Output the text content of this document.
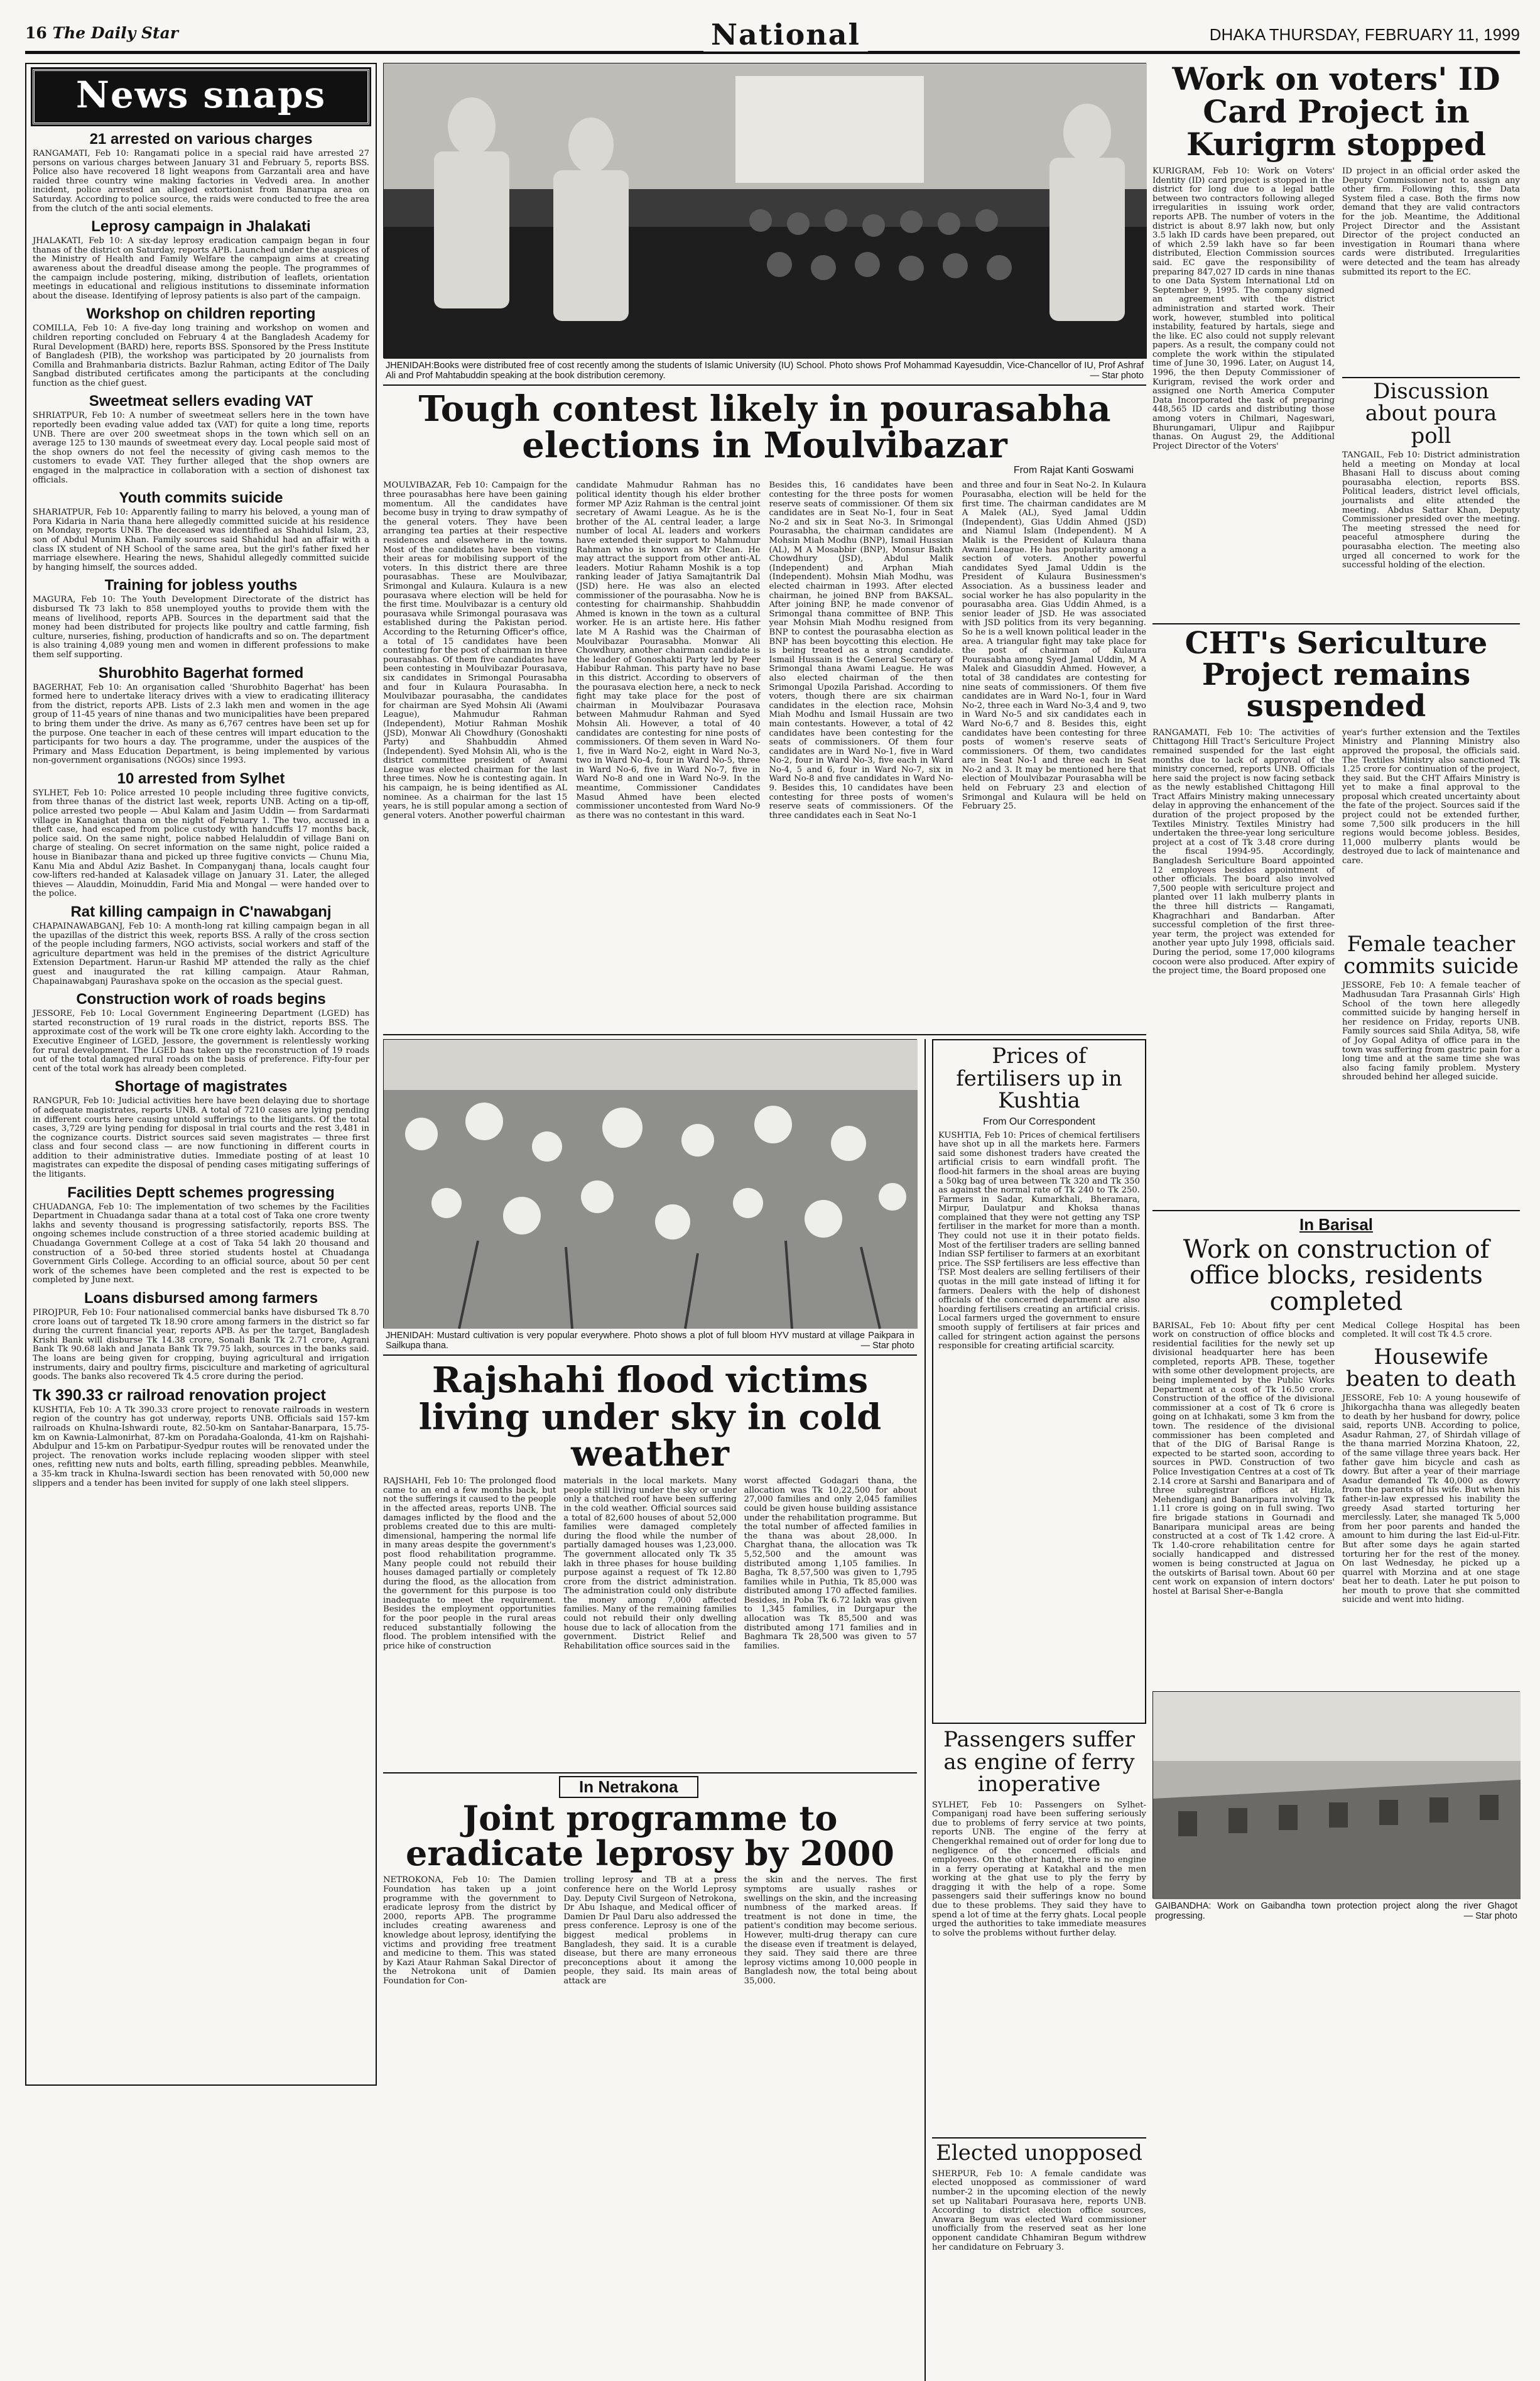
16 The Daily Star	National	DHAKA THURSDAY, FEBRUARY 11, 1999
News snaps
21 arrested on various charges
RANGAMATI, Feb 10: Rangamati police in a special raid have arrested 27 persons on various charges between January 31 and February 5, reports BSS. Police also have recovered 18 light weapons from Garzantali area and have raided three country wine making factories in Vedvedi area. In another incident, police arrested an alleged extortionist from Banarupa area on Saturday. According to police source, the raids were conducted to free the area from the clutch of the anti social elements.
Leprosy campaign in Jhalakati
JHALAKATI, Feb 10: A six-day leprosy eradication campaign began in four thanas of the district on Saturday, reports APB. Launched under the auspices of the Ministry of Health and Family Welfare the campaign aims at creating awareness about the dreadful disease among the people. The programmes of the campaign include postering, miking, distribution of leaflets, orientation meetings in educational and religious institutions to disseminate information about the disease. Identifying of leprosy patients is also part of the campaign.
Workshop on children reporting
COMILLA, Feb 10: A five-day long training and workshop on women and children reporting concluded on February 4 at the Bangladesh Academy for Rural Development (BARD) here, reports BSS. Sponsored by the Press Institute of Bangladesh (PIB), the workshop was participated by 20 journalists from Comilla and Brahmanbaria districts. Bazlur Rahman, acting Editor of The Daily Sangbad distributed certificates among the participants at the concluding function as the chief guest.
Sweetmeat sellers evading VAT
SHRIATPUR, Feb 10: A number of sweetmeat sellers here in the town have reportedly been evading value added tax (VAT) for quite a long time, reports UNB. There are over 200 sweetmeat shops in the town which sell on an average 125 to 130 maunds of sweetmeat every day. Local people said most of the shop owners do not feel the necessity of giving cash memos to the customers to evade VAT. They further alleged that the shop owners are engaged in the malpractice in collaboration with a section of dishonest tax officials.
Youth commits suicide
SHARIATPUR, Feb 10: Apparently failing to marry his beloved, a young man of Pora Kidaria in Naria thana here allegedly committed suicide at his residence on Monday, reports UNB. The deceased was identified as Shahidul Islam, 23, son of Abdul Munim Khan. Family sources said Shahidul had an affair with a class IX student of NH School of the same area, but the girl's father fixed her marriage elsewhere. Hearing the news, Shahidul allegedly committed suicide by hanging himself, the sources added.
Training for jobless youths
MAGURA, Feb 10: The Youth Development Directorate of the district has disbursed Tk 73 lakh to 858 unemployed youths to provide them with the means of livelihood, reports APB. Sources in the department said that the money had been distributed for projects like poultry and cattle farming, fish culture, nurseries, fishing, production of handicrafts and so on. The department is also training 4,089 young men and women in different professions to make them self supporting.
Shurobhito Bagerhat formed
BAGERHAT, Feb 10: An organisation called 'Shurobhito Bagerhat' has been formed here to undertake literacy drives with a view to eradicating illiteracy from the district, reports APB. Lists of 2.3 lakh men and women in the age group of 11-45 years of nine thanas and two municipalities have been prepared to bring them under the drive. As many as 6,767 centres have been set up for the purpose. One teacher in each of these centres will impart education to the participants for two hours a day. The programme, under the auspices of the Primary and Mass Education Department, is being implemented by various non-government organisations (NGOs) since 1993.
10 arrested from Sylhet
SYLHET, Feb 10: Police arrested 10 people including three fugitive convicts, from three thanas of the district last week, reports UNB. Acting on a tip-off, police arrested two people — Abul Kalam and Jasim Uddin — from Sardarmati village in Kanaighat thana on the night of February 1. The two, accused in a theft case, had escaped from police custody with handcuffs 17 months back, police said. On the same night, police nabbed Helaluddin of village Bani on charge of stealing. On secret information on the same night, police raided a house in Bianibazar thana and picked up three fugitive convicts — Chunu Mia, Kanu Mia and Abdul Aziz Bashet. In Companyganj thana, locals caught four cow-lifters red-handed at Kalasadek village on January 31. Later, the alleged thieves — Alauddin, Moinuddin, Farid Mia and Mongal — were handed over to the police.
Rat killing campaign in C'nawabganj
CHAPAINAWABGANJ, Feb 10: A month-long rat killing campaign began in all the upazillas of the district this week, reports BSS. A rally of the cross section of the people including farmers, NGO activists, social workers and staff of the agriculture department was held in the premises of the district Agriculture Extension Department. Harun-ur Rashid MP attended the rally as the chief guest and inaugurated the rat killing campaign. Ataur Rahman, Chapainawabganj Paurashava spoke on the occasion as the special guest.
Construction work of roads begins
JESSORE, Feb 10: Local Government Engineering Department (LGED) has started reconstruction of 19 rural roads in the district, reports BSS. The approximate cost of the work will be Tk one crore eighty lakh. According to the Executive Engineer of LGED, Jessore, the government is relentlessly working for rural development. The LGED has taken up the reconstruction of 19 roads out of the total damaged rural roads on the basis of preference. Fifty-four per cent of the total work has already been completed.
Shortage of magistrates
RANGPUR, Feb 10: Judicial activities here have been delaying due to shortage of adequate magistrates, reports UNB. A total of 7210 cases are lying pending in different courts here causing untold sufferings to the litigants. Of the total cases, 3,729 are lying pending for disposal in trial courts and the rest 3,481 in the cognizance courts. District sources said seven magistrates — three first class and four second class — are now functioning in different courts in addition to their administrative duties. Immediate posting of at least 10 magistrates can expedite the disposal of pending cases mitigating sufferings of the litigants.
Facilities Deptt schemes progressing
CHUADANGA, Feb 10: The implementation of two schemes by the Facilities Department in Chuadanga sadar thana at a total cost of Taka one crore twenty lakhs and seventy thousand is progressing satisfactorily, reports BSS. The ongoing schemes include construction of a three storied academic building at Chuadanga Government College at a cost of Taka 54 lakh 20 thousand and construction of a 50-bed three storied students hostel at Chuadanga Government Girls College. According to an official source, about 50 per cent work of the schemes have been completed and the rest is expected to be completed by June next.
Loans disbursed among farmers
PIROJPUR, Feb 10: Four nationalised commercial banks have disbursed Tk 8.70 crore loans out of targeted Tk 18.90 crore among farmers in the district so far during the current financial year, reports APB. As per the target, Bangladesh Krishi Bank will disburse Tk 14.38 crore, Sonali Bank Tk 2.71 crore, Agrani Bank Tk 90.68 lakh and Janata Bank Tk 79.75 lakh, sources in the banks said. The loans are being given for cropping, buying agricultural and irrigation instruments, dairy and poultry firms, pisciculture and marketing of agricultural goods. The banks also recovered Tk 4.5 crore during the period.
Tk 390.33 cr railroad renovation project
KUSHTIA, Feb 10: A Tk 390.33 crore project to renovate railroads in western region of the country has got underway, reports UNB. Officials said 157-km railroads on Khulna-Ishwardi route, 82.50-km on Santahar-Banarpara, 15.75-km on Kawnia-Lalmonirhat, 87-km on Poradaha-Goalonda, 41-km on Rajshahi-Abdulpur and 15-km on Parbatipur-Syedpur routes will be renovated under the project. The renovation works include replacing wooden slipper with steel ones, refitting new nuts and bolts, earth filling, spreading pebbles. Meanwhile, a 35-km track in Khulna-Iswardi section has been renovated with 50,000 new slippers and a tender has been invited for supply of one lakh steel slippers.
JHENIDAH:Books were distributed free of cost recently among the students of Islamic University (IU) School. Photo shows Prof Mohammad Kayesuddin, Vice-Chancellor of IU, Prof Ashraf Ali and Prof Mahtabuddin speaking at the book distribution ceremony.	— Star photo
Tough contest likely in pourasabha
elections in Moulvibazar
From Rajat Kanti Goswami
MOULVIBAZAR, Feb 10: Campaign for the three pourasabhas here have been gaining momentum. All the candidates have become busy in trying to draw sympathy of the general voters. They have been arranging tea parties at their respective residences and elsewhere in the towns. Most of the candidates have been visiting their areas for mobilising support of the voters. In this district there are three pourasabhas. These are Moulvibazar, Srimongal and Kulaura. Kulaura is a new pourasava where election will be held for the first time. Moulvibazar is a century old pourasava while Srimongal pourasava was established during the Pakistan period. According to the Returning Officer's office, a total of 15 candidates have been contesting for the post of chairman in three pourasabhas. Of them five candidates have been contesting in Moulvibazar Pourasava, six candidates in Srimongal Pourasabha and four in Kulaura Pourasabha. In Moulvibazar pourasabha, the candidates for chairman are Syed Mohsin Ali (Awami League), Mahmudur Rahman (Independent), Motiur Rahman Moshik (JSD), Monwar Ali Chowdhury (Gonoshakti Party) and Shahbuddin Ahmed (Independent). Syed Mohsin Ali, who is the district committee president of Awami League was elected chairman for the last three times. Now he is contesting again. In his campaign, he is being identified as AL nominee. As a chairman for the last 15 years, he is still popular among a section of general voters. Another powerful chairman
candidate Mahmudur Rahman has no political identity though his elder brother former MP Aziz Rahman is the central joint secretary of Awami League. As he is the brother of the AL central leader, a large number of local AL leaders and workers have extended their support to Mahmudur Rahman who is known as Mr Clean. He may attract the support from other anti-AL leaders. Motiur Rahamn Moshik is a top ranking leader of Jatiya Samajtantrik Dal (JSD) here. He was also an elected commissioner of the pourasabha. Now he is contesting for chairmanship. Shahbuddin Ahmed is known in the town as a cultural worker. He is an artiste here. His father late M A Rashid was the Chairman of Moulvibazar Pourasabha. Monwar Ali Chowdhury, another chairman candidate is the leader of Gonoshakti Party led by Peer Habibur Rahman. This party have no base in this district. According to observers of the pourasava election here, a neck to neck fight may take place for the post of chairman in Moulvibazar Pourasava between Mahmudur Rahman and Syed Mohsin Ali. However, a total of 40 candidates are contesting for nine posts of commissioners. Of them seven in Ward No-1, five in Ward No-2, eight in Ward No-3, two in Ward No-4, four in Ward No-5, three in Ward No-6, five in Ward No-7, five in Ward No-8 and one in Ward No-9. In the meantime, Commissioner Candidates Masud Ahmed have been elected commissioner uncontested from Ward No-9 as there was no contestant in this ward.
Besides this, 16 candidates have been contesting for the three posts for women reserve seats of commissioner. Of them six candidates are in Seat No-1, four in Seat No-2 and six in Seat No-3. In Srimongal Pourasabha, the chairman candidates are Mohsin Miah Modhu (BNP), Ismail Hussian (AL), M A Mosabbir (BNP), Monsur Bakth Chowdhury (JSD), Abdul Malik (Independent) and Arphan Miah (Independent). Mohsin Miah Modhu, was elected chairman in 1993. After elected chairman, he joined BNP from BAKSAL. After joining BNP, he made convenor of Srimongal thana committee of BNP. This year Mohsin Miah Modhu resigned from BNP to contest the pourasabha election as BNP has been boycotting this election. He is being treated as a strong candidate. Ismail Hussain is the General Secretary of Srimongal thana Awami League. He was also elected chairman of the then Srimongal Upozila Parishad. According to voters, though there are six chairman candidates in the election race, Mohsin Miah Modhu and Ismail Hussain are two main contestants. However, a total of 42 candidates have been contesting for the seats of commissioners. Of them four candidates are in Ward No-1, five in Ward No-2, four in Ward No-3, five each in Ward No-4, 5 and 6, four in Ward No-7, six in Ward No-8 and five candidates in Ward No-9. Besides this, 10 candidates have been contesting for three posts of women's reserve seats of commissioners. Of the three candidates each in Seat No-1
and three and four in Seat No-2. In Kulaura Pourasabha, election will be held for the first time. The chairman candidates are M A Malek (AL), Syed Jamal Uddin (Independent), Gias Uddin Ahmed (JSD) and Niamul Islam (Independent). M A Malik is the President of Kulaura thana Awami League. He has popularity among a section of voters. Another powerful candidates Syed Jamal Uddin is the President of Kulaura Businessmen's Association. As a bussiness leader and social worker he has also popularity in the pourasabha area. Gias Uddin Ahmed, is a senior leader of JSD. He was associated with JSD politics from its very beganning. So he is a well known political leader in the area. A triangular fight may take place for the post of chairman of Kulaura Pourasabha among Syed Jamal Uddin, M A Malek and Giasuddin Ahmed. However, a total of 38 candidates are contesting for nine seats of commissioners. Of them five candidates are in Ward No-1, four in Ward No-2, three each in Ward No-3,4 and 9, two in Ward No-5 and six candidates each in Ward No-6,7 and 8. Besides this, eight candidates have been contesting for three posts of women's reserve seats of commissioners. Of them, two candidates are in Seat No-1 and three each in Seat No-2 and 3. It may be mentioned here that election of Moulvibazar Pourasabha will be held on February 23 and election of Srimongal and Kulaura will be held on February 25.
JHENIDAH: Mustard cultivation is very popular everywhere. Photo shows a plot of full bloom HYV mustard at village Paikpara in Sailkupa thana.	— Star photo
Rajshahi flood victims living under sky in cold weather
RAJSHAHI, Feb 10: The prolonged flood came to an end a few months back, but not the sufferings it caused to the people in the affected areas, reports UNB. The damages inflicted by the flood and the problems created due to this are multi-dimensional, hampering the normal life in many areas despite the government's post flood rehabilitation programme. Many people could not rebuild their houses damaged partially or completely during the flood, as the allocation from the government for this purpose is too inadequate to meet the requirement. Besides the employment opportunities for the poor people in the rural areas reduced substantially following the flood. The problem intensified with the price hike of construction
materials in the local markets. Many people still living under the sky or under only a thatched roof have been suffering in the cold weather. Official sources said a total of 82,600 houses of about 52,000 families were damaged completely during the flood while the number of partially damaged houses was 1,23,000. The government allocated only Tk 35 lakh in three phases for house building purpose against a request of Tk 12.80 crore from the district administration. The administration could only distribute the money among 7,000 affected families. Many of the remaining families could not rebuild their only dwelling house due to lack of allocation from the government. District Relief and Rehabilitation office sources said in the
worst affected Godagari thana, the allocation was Tk 10,22,500 for about 27,000 families and only 2,045 families could be given house building assistance under the rehabilitation programme. But the total number of affected families in the thana was about 28,000. In Charghat thana, the allocation was Tk 5,52,500 and the amount was distributed among 1,105 families. In Bagha, Tk 8,57,500 was given to 1,795 families while in Puthia, Tk 85,000 was distributed among 170 affected families. Besides, in Poba Tk 6.72 lakh was given to 1,345 families, in Durgapur the allocation was Tk 85,500 and was distributed among 171 families and in Baghmara Tk 28,500 was given to 57 families.
In Netrakona
Joint programme to eradicate leprosy by 2000
NETROKONA, Feb 10: The Damien Foundation has taken up a joint programme with the government to eradicate leprosy from the district by 2000, reports APB. The programme includes creating awareness and knowledge about leprosy, identifying the victims and providing free treatment and medicine to them. This was stated by Kazi Ataur Rahman Sakal Director of the Netrokona unit of Damien Foundation for Con-
trolling leprosy and TB at a press conference here on the World Leprosy Day. Deputy Civil Surgeon of Netrokona, Dr Abu Ishaque, and Medical officer of Damien Dr Paul Daru also addressed the press conference. Leprosy is one of the biggest medical problems in Bangladesh, they said. It is a curable disease, but there are many erroneous preconceptions about it among the people, they said. Its main areas of attack are
the skin and the nerves. The first symptoms are usually rashes or swellings on the skin, and the increasing numbness of the marked areas. If treatment is not done in time, the patient's condition may become serious. However, multi-drug therapy can cure the disease even if treatment is delayed, they said. They said there are three leprosy victims among 10,000 people in Bangladesh now, the total being about 35,000.
Prices of fertilisers up in Kushtia
From Our Correspondent
KUSHTIA, Feb 10: Prices of chemical fertilisers have shot up in all the markets here. Farmers said some dishonest traders have created the artificial crisis to earn windfall profit. The flood-hit farmers in the shoal areas are buying a 50kg bag of urea between Tk 320 and Tk 350 as against the normal rate of Tk 240 to Tk 250. Farmers in Sadar, Kumarkhali, Bheramara, Mirpur, Daulatpur and Khoksa thanas complained that they were not getting any TSP fertiliser in the market for more than a month. They could not use it in their potato fields. Most of the fertiliser traders are selling banned Indian SSP fertiliser to farmers at an exorbitant price. The SSP fertilisers are less effective than TSP. Most dealers are selling fertilisers of their quotas in the mill gate instead of lifting it for farmers. Dealers with the help of dishonest officials of the concerned department are also hoarding fertilisers creating an artificial crisis. Local farmers urged the government to ensure smooth supply of fertilisers at fair prices and called for stringent action against the persons responsible for creating artificial scarcity.
Passengers suffer as engine of ferry inoperative
SYLHET, Feb 10: Passengers on Sylhet-Companiganj road have been suffering seriously due to problems of ferry service at two points, reports UNB. The engine of the ferry at Chengerkhal remained out of order for long due to negligence of the concerned officials and employees. On the other hand, there is no engine in a ferry operating at Katakhal and the men working at the ghat use to ply the ferry by dragging it with the help of a rope. Some passengers said their sufferings know no bound due to these problems. They said they have to spend a lot of time at the ferry ghats. Local people urged the authorities to take immediate measures to solve the problems without further delay.
Elected unopposed
SHERPUR, Feb 10: A female candidate was elected unopposed as commissioner of ward number-2 in the upcoming election of the newly set up Nalitabari Pourasava here, reports UNB. According to district election office sources, Anwara Begum was elected Ward commissioner unofficially from the reserved seat as her lone opponent candidate Chhamiran Begum withdrew her candidature on February 3.
Work on voters' ID Card Project in Kurigrm stopped
KURIGRAM, Feb 10: Work on Voters' Identity (ID) card project is stopped in the district for long due to a legal battle between two contractors following alleged irregularities in issuing work order, reports APB. The number of voters in the district is about 8.97 lakh now, but only 3.5 lakh ID cards have been prepared, out of which 2.59 lakh have so far been distributed, Election Commission sources said. EC gave the responsibility of preparing 847,027 ID cards in nine thanas to one Data System International Ltd on September 9, 1995. The company signed an agreement with the district administration and started work. Their work, however, stumbled into political instability, featured by hartals, siege and the like. EC also could not supply relevant papers. As a result, the company could not complete the work within the stipulated time of June 30, 1996. Later, on August 14, 1996, the then Deputy Commissioner of Kurigram, revised the work order and assigned one North America Computer Data Incorporated the task of preparing 448,565 ID cards and distributing those among voters in Chilmari, Nageswari, Bhurungamari, Ulipur and Rajibpur thanas. On August 29, the Additional Project Director of the Voters'
ID project in an official order asked the Deputy Commissioner not to assign any other firm. Following this, the Data System filed a case. Both the firms now demand that they are valid contractors for the job. Meantime, the Additional Project Director and the Assistant Director of the project conducted an investigation in Roumari thana where cards were distributed. Irregularities were detected and the team has already submitted its report to the EC.
Discussion about poura poll
TANGAIL, Feb 10: District administration held a meeting on Monday at local Bhasani Hall to discuss about coming pourasabha election, reports BSS. Political leaders, district level officials, journalists and elite attended the meeting. Abdus Sattar Khan, Deputy Commissioner presided over the meeting. The meeting stressed the need for peaceful atmosphere during the pourasabha election. The meeting also urged all concerned to work for the successful holding of the election.
CHT's Sericulture Project remains suspended
RANGAMATI, Feb 10: The activities of Chittagong Hill Tract's Sericulture Project remained suspended for the last eight months due to lack of approval of the ministry concerned, reports UNB. Officials here said the project is now facing setback as the newly established Chittagong Hill Tract Affairs Ministry making unnecessary delay in approving the enhancement of the duration of the project proposed by the Textiles Ministry. Textiles Ministry had undertaken the three-year long sericulture project at a cost of Tk 3.48 crore during the fiscal 1994-95. Accordingly, Bangladesh Sericulture Board appointed 12 employees besides appointment of other officials. The board also involved 7,500 people with sericulture project and planted over 11 lakh mulberry plants in the three hill districts — Rangamati, Khagrachhari and Bandarban. After successful completion of the first three-year term, the project was extended for another year upto July 1998, officials said. During the period, some 17,000 kilograms cocoon were also produced. After expiry of the project time, the Board proposed one
year's further extension and the Textiles Ministry and Planning Ministry also approved the proposal, the officials said. The Textiles Ministry also sanctioned Tk 1.25 crore for continuation of the project, they said. But the CHT Affairs Ministry is yet to make a final approval to the proposal which created uncertainty about the fate of the project. Sources said if the project could not be extended further, some 7,500 silk producers in the hill regions would become jobless. Besides, 11,000 mulberry plants would be destroyed due to lack of maintenance and care.
Female teacher commits suicide
JESSORE, Feb 10: A female teacher of Madhusudan Tara Prasannah Girls' High School of the town here allegedly committed suicide by hanging herself in her residence on Friday, reports UNB. Family sources said Shila Aditya, 58, wife of Joy Gopal Aditya of office para in the town was suffering from gastric pain for a long time and at the same time she was also facing family problem. Mystery shrouded behind her alleged suicide.
In Barisal
Work on construction of office blocks, residents completed
BARISAL, Feb 10: About fifty per cent work on construction of office blocks and residential facilities for the newly set up divisional headquarter here has been completed, reports APB. These, together with some other development projects, are being implemented by the Public Works Department at a cost of Tk 16.50 crore. Construction of the office of the divisional commissioner at a cost of Tk 6 crore is going on at Ichhakati, some 3 km from the town. The residence of the divisional commissioner has been completed and that of the DIG of Barisal Range is expected to be started soon, according to sources in PWD. Construction of two Police Investigation Centres at a cost of Tk 2.14 crore at Sarshi and Banaripara and of three subregistrar offices at Hizla, Mehendiganj and Banaripara involving Tk 1.11 crore is going on in full swing. Two fire brigade stations in Gournadi and Banaripara municipal areas are being constructed at a cost of Tk 1.42 crore. A Tk 1.40-crore rehabilitation centre for socially handicapped and distressed women is being constructed at Jagua on the outskirts of Barisal town. About 60 per cent work on expansion of intern doctors' hostel at Barisal Sher-e-Bangla
Medical College Hospital has been completed. It will cost Tk 4.5 crore.
Housewife beaten to death
JESSORE, Feb 10: A young housewife of Jhikorgachha thana was allegedly beaten to death by her husband for dowry, police said, reports UNB. According to police, Asadur Rahman, 27, of Shirdah village of the thana married Morzina Khatoon, 22, of the same village three years back. Her father gave him bicycle and cash as dowry. But after a year of their marriage Asadur demanded Tk 40,000 as dowry from the parents of his wife. But when his father-in-law expressed his inability the greedy Asad started torturing her mercilessly. Later, she managed Tk 5,000 from her poor parents and handed the amount to him during the last Eid-ul-Fitr. But after some days he again started torturing her for the rest of the money. On last Wednesday, he picked up a quarrel with Morzina and at one stage beat her to death. Later he put poison to her mouth to prove that she committed suicide and went into hiding.
GAIBANDHA: Work on Gaibandha town protection project along the river Ghagot progressing.	— Star photo
